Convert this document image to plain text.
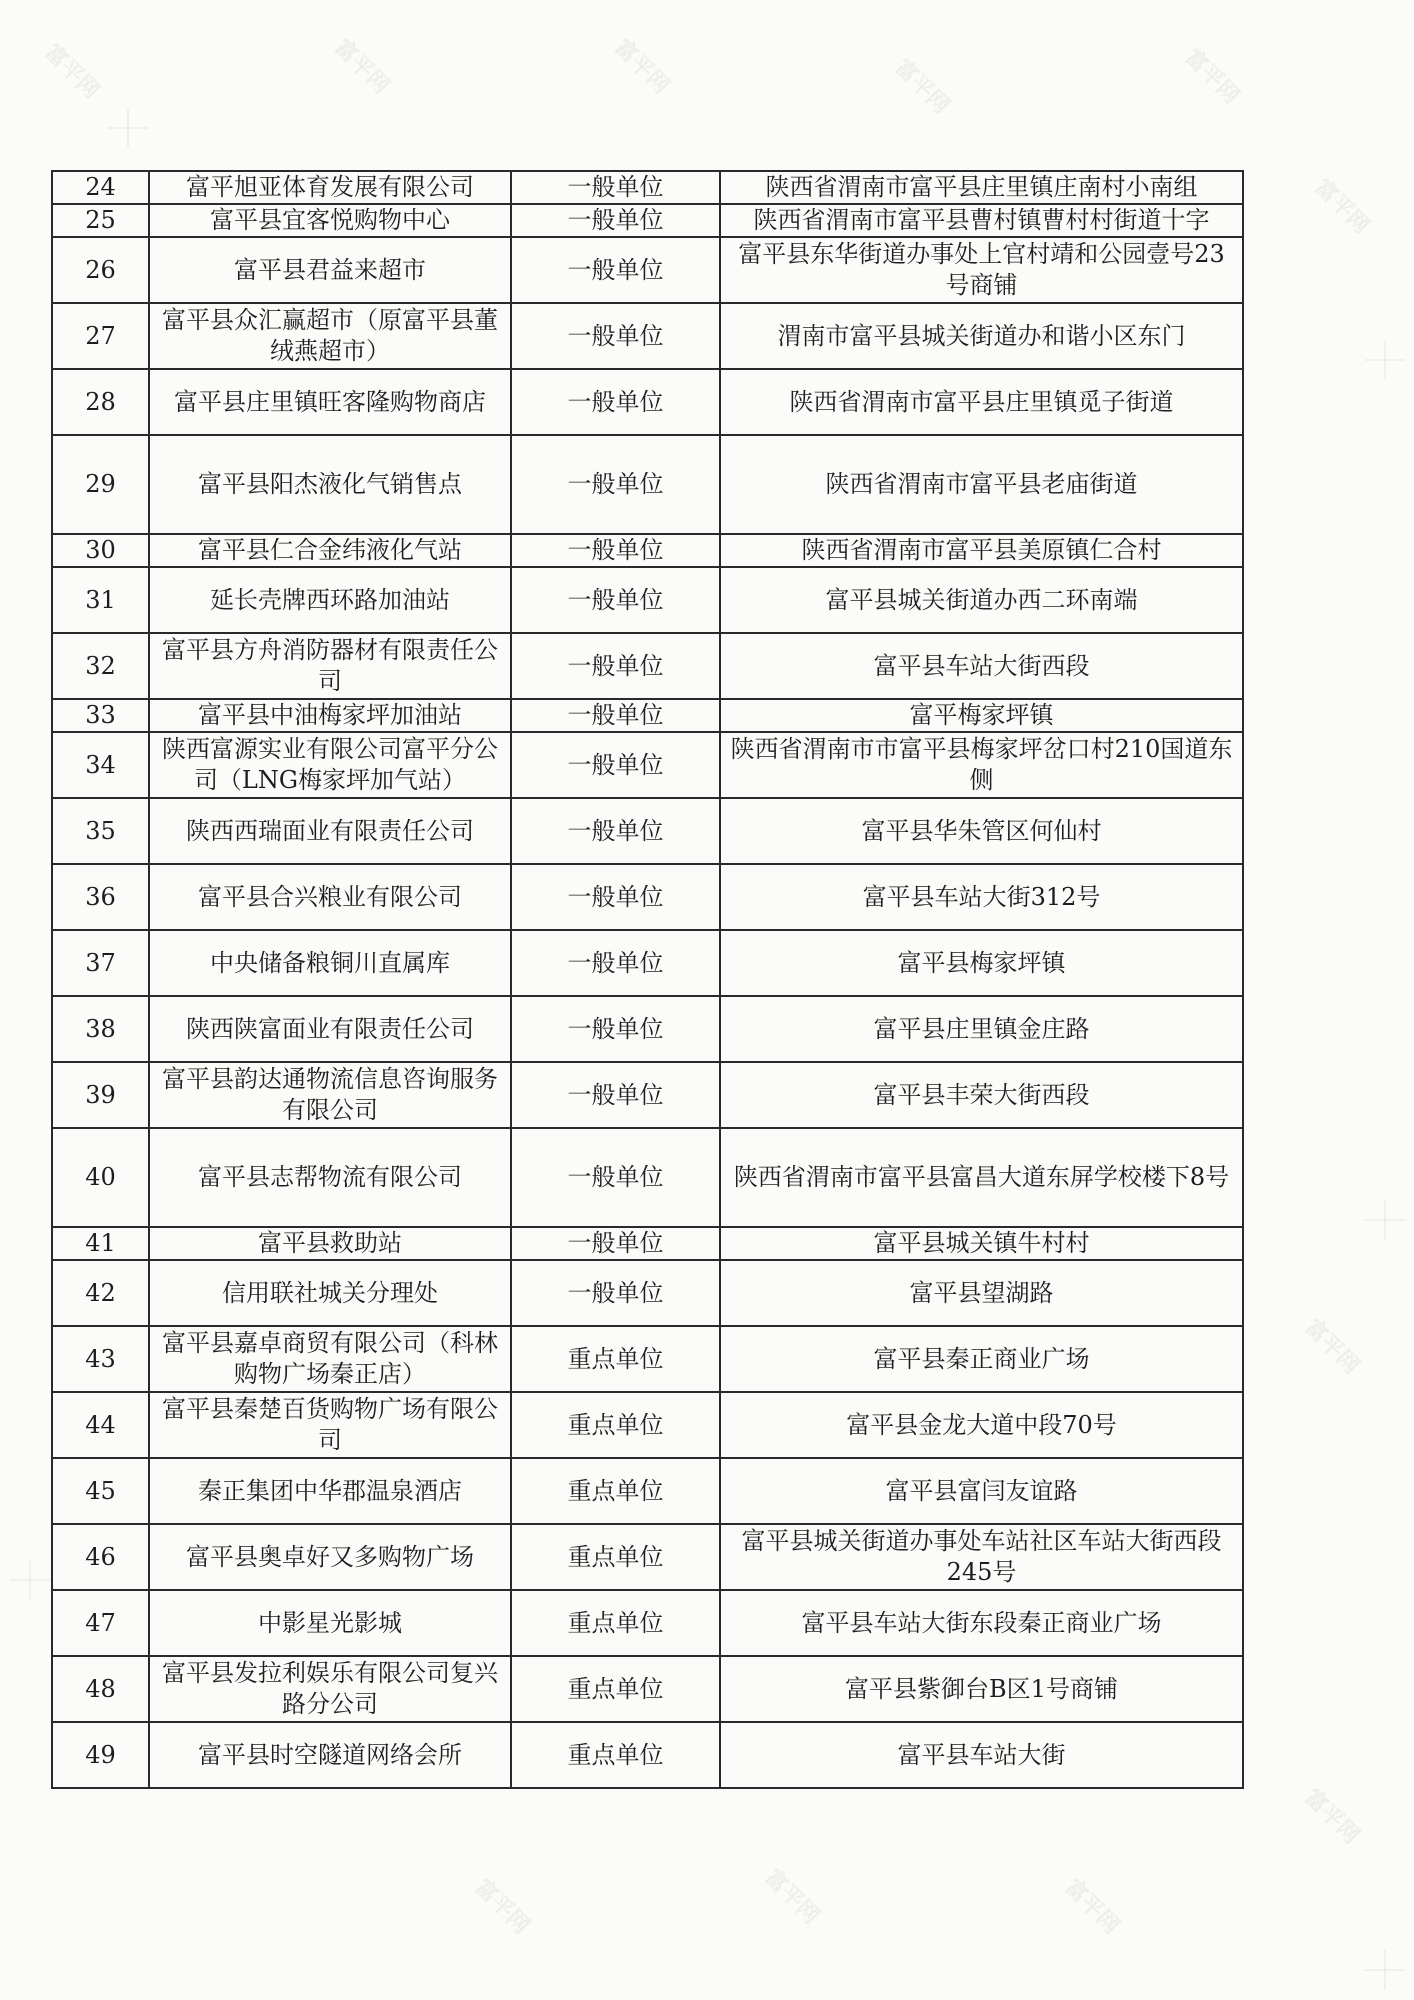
富平网	富平网	富平网	富平网	富平网
富平网
富平网
富平网	富平网	富平网
富平网
24	富平旭亚体育发展有限公司	一般单位	陕西省渭南市富平县庄里镇庄南村小南组
25	富平县宜客悦购物中心	一般单位	陕西省渭南市富平县曹村镇曹村村街道十字
26	富平县君益来超市	一般单位	富平县东华街道办事处上官村靖和公园壹号23号商铺
27	富平县众汇赢超市（原富平县董绒燕超市）	一般单位	渭南市富平县城关街道办和谐小区东门
28	富平县庄里镇旺客隆购物商店	一般单位	陕西省渭南市富平县庄里镇觅子街道
29	富平县阳杰液化气销售点	一般单位	陕西省渭南市富平县老庙街道
30	富平县仁合金纬液化气站	一般单位	陕西省渭南市富平县美原镇仁合村
31	延长壳牌西环路加油站	一般单位	富平县城关街道办西二环南端
32	富平县方舟消防器材有限责任公司	一般单位	富平县车站大街西段
33	富平县中油梅家坪加油站	一般单位	富平梅家坪镇
34	陕西富源实业有限公司富平分公司（LNG梅家坪加气站）	一般单位	陕西省渭南市市富平县梅家坪岔口村210国道东侧
35	陕西西瑞面业有限责任公司	一般单位	富平县华朱管区何仙村
36	富平县合兴粮业有限公司	一般单位	富平县车站大街312号
37	中央储备粮铜川直属库	一般单位	富平县梅家坪镇
38	陕西陕富面业有限责任公司	一般单位	富平县庄里镇金庄路
39	富平县韵达通物流信息咨询服务有限公司	一般单位	富平县丰荣大街西段
40	富平县志帮物流有限公司	一般单位	陕西省渭南市富平县富昌大道东屏学校楼下8号
41	富平县救助站	一般单位	富平县城关镇牛村村
42	信用联社城关分理处	一般单位	富平县望湖路
43	富平县嘉卓商贸有限公司（科林购物广场秦正店）	重点单位	富平县秦正商业广场
44	富平县秦楚百货购物广场有限公司	重点单位	富平县金龙大道中段70号
45	秦正集团中华郡温泉酒店	重点单位	富平县富闫友谊路
46	富平县奥卓好又多购物广场	重点单位	富平县城关街道办事处车站社区车站大街西段245号
47	中影星光影城	重点单位	富平县车站大街东段秦正商业广场
48	富平县发拉利娱乐有限公司复兴路分公司	重点单位	富平县紫御台B区1号商铺
49	富平县时空隧道网络会所	重点单位	富平县车站大街
